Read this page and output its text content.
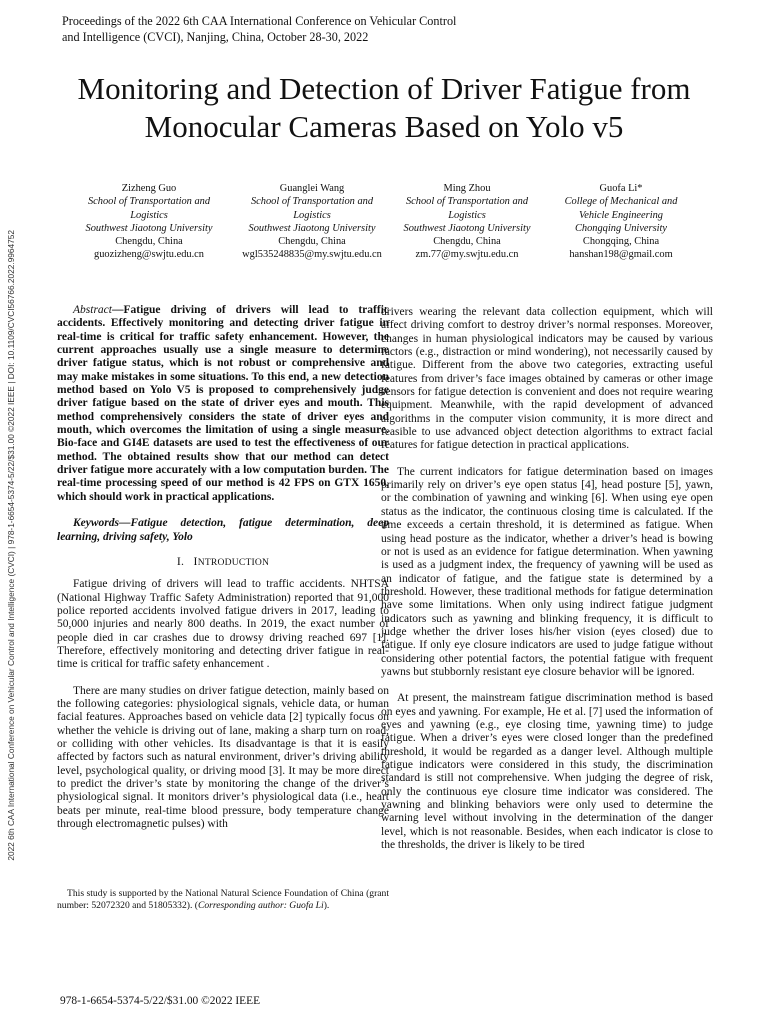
2022 6th CAA International Conference on Vehicular Control and Intelligence (CVCI) | 978-1-6654-5374-5/22/$31.00 ©2022 IEEE | DOI: 10.1109/CVCI56766.2022.9964752
Proceedings of the 2022 6th CAA International Conference on Vehicular Control
and Intelligence (CVCI), Nanjing, China, October 28-30, 2022
Monitoring and Detection of Driver Fatigue from
Monocular Cameras Based on Yolo v5
Zizheng Guo
School of Transportation and
Logistics
Southwest Jiaotong University
Chengdu, China
guozizheng@swjtu.edu.cn
Guanglei Wang
School of Transportation and
Logistics
Southwest Jiaotong University
Chengdu, China
wgl535248835@my.swjtu.edu.cn
Ming Zhou
School of Transportation and
Logistics
Southwest Jiaotong University
Chengdu, China
zm.77@my.swjtu.edu.cn
Guofa Li*
College of Mechanical and
Vehicle Engineering
Chongqing University
Chongqing, China
hanshan198@gmail.com

Abstract—Fatigue driving of drivers will lead to traffic accidents. Effectively monitoring and detecting driver fatigue in real-time is critical for traffic safety enhancement. However, the current approaches usually use a single measure to determine driver fatigue status, which is not robust or comprehensive and may make mistakes in some situations. To this end, a new detection method based on Yolo V5 is proposed to comprehensively judge driver fatigue based on the state of driver eyes and mouth. This method comprehensively considers the state of driver eyes and mouth, which overcomes the limitation of using a single measure. Bio-face and GI4E datasets are used to test the effectiveness of our method. The obtained results show that our method can detect driver fatigue more accurately with a low computation burden. The real-time processing speed of our method is 42 FPS on GTX 1650, which should work in practical applications.

Keywords—Fatigue detection, fatigue determination, deep learning, driving safety, Yolo

I. INTRODUCTION

Fatigue driving of drivers will lead to traffic accidents. NHTSA (National Highway Traffic Safety Administration) reported that 91,000 police reported accidents involved fatigue drivers in 2017, leading to 50,000 injuries and nearly 800 deaths. In 2019, the exact number of people died in car crashes due to drowsy driving reached 697 [1]. Therefore, effectively monitoring and detecting driver fatigue in real-time is critical for traffic safety enhancement .

There are many studies on driver fatigue detection, mainly based on the following categories: physiological signals, vehicle data, or human facial features. Approaches based on vehicle data [2] typically focus on whether the vehicle is driving out of lane, making a sharp turn on road, or colliding with other vehicles. Its disadvantage is that it is easily affected by factors such as natural environment, driver’s driving ability level, psychological quality, or driving mood [3]. It may be more direct to predict the driver’s state by monitoring the change of the driver’s physiological signal. It monitors driver’s physiological data (i.e., heart beats per minute, real-time blood pressure, body temperature change through electromagnetic pulses) with

This study is supported by the National Natural Science Foundation of China (grant number: 52072320 and 51805332). (Corresponding author: Guofa Li).

drivers wearing the relevant data collection equipment, which will affect driving comfort to destroy driver’s normal responses. Moreover, changes in human physiological indicators may be caused by various factors (e.g., distraction or mind wondering), not necessarily caused by fatigue. Different from the above two categories, extracting useful features from driver’s face images obtained by cameras or other image sensors for fatigue detection is convenient and does not require wearing equipment. Meanwhile, with the rapid development of advanced algorithms in the computer vision community, it is more direct and feasible to use advanced object detection algorithms to extract facial features for fatigue detection in practical applications.

The current indicators for fatigue determination based on images primarily rely on driver’s eye open status [4], head posture [5], yawn, or the combination of yawning and winking [6]. When using eye open status as the indicator, the continuous closing time is calculated. If the time exceeds a certain threshold, it is determined as fatigue. When using head posture as the indicator, whether a driver’s head is bowing or not is used as an evidence for fatigue determination. When yawning is used as a judgment index, the frequency of yawning will be used as an indicator of fatigue, and the fatigue state is determined by a threshold. However, these traditional methods for fatigue determination have some limitations. When only using indirect fatigue judgment indicators such as yawning and blinking frequency, it is difficult to judge whether the driver loses his/her vision (eyes closed) due to fatigue. If only eye closure indicators are used to judge fatigue without considering other potential factors, the potential fatigue with frequent yawns but stubbornly resistant eye closure behavior will be ignored.

At present, the mainstream fatigue discrimination method is based on eyes and yawning. For example, He et al. [7] used the information of eyes and yawning (e.g., eye closing time, yawning time) to judge fatigue. When a driver’s eyes were closed longer than the predefined threshold, it would be regarded as a danger level. Although multiple fatigue indicators were considered in this study, the discrimination standard is still not comprehensive. When judging the degree of risk, only the continuous eye closure time indicator was considered. The yawning and blinking behaviors were only used to determine the warning level without involving in the determination of the danger level, which is not reasonable. Besides, when each indicator is close to the thresholds, the driver is likely to be tired

978-1-6654-5374-5/22/$31.00 ©2022 IEEE
